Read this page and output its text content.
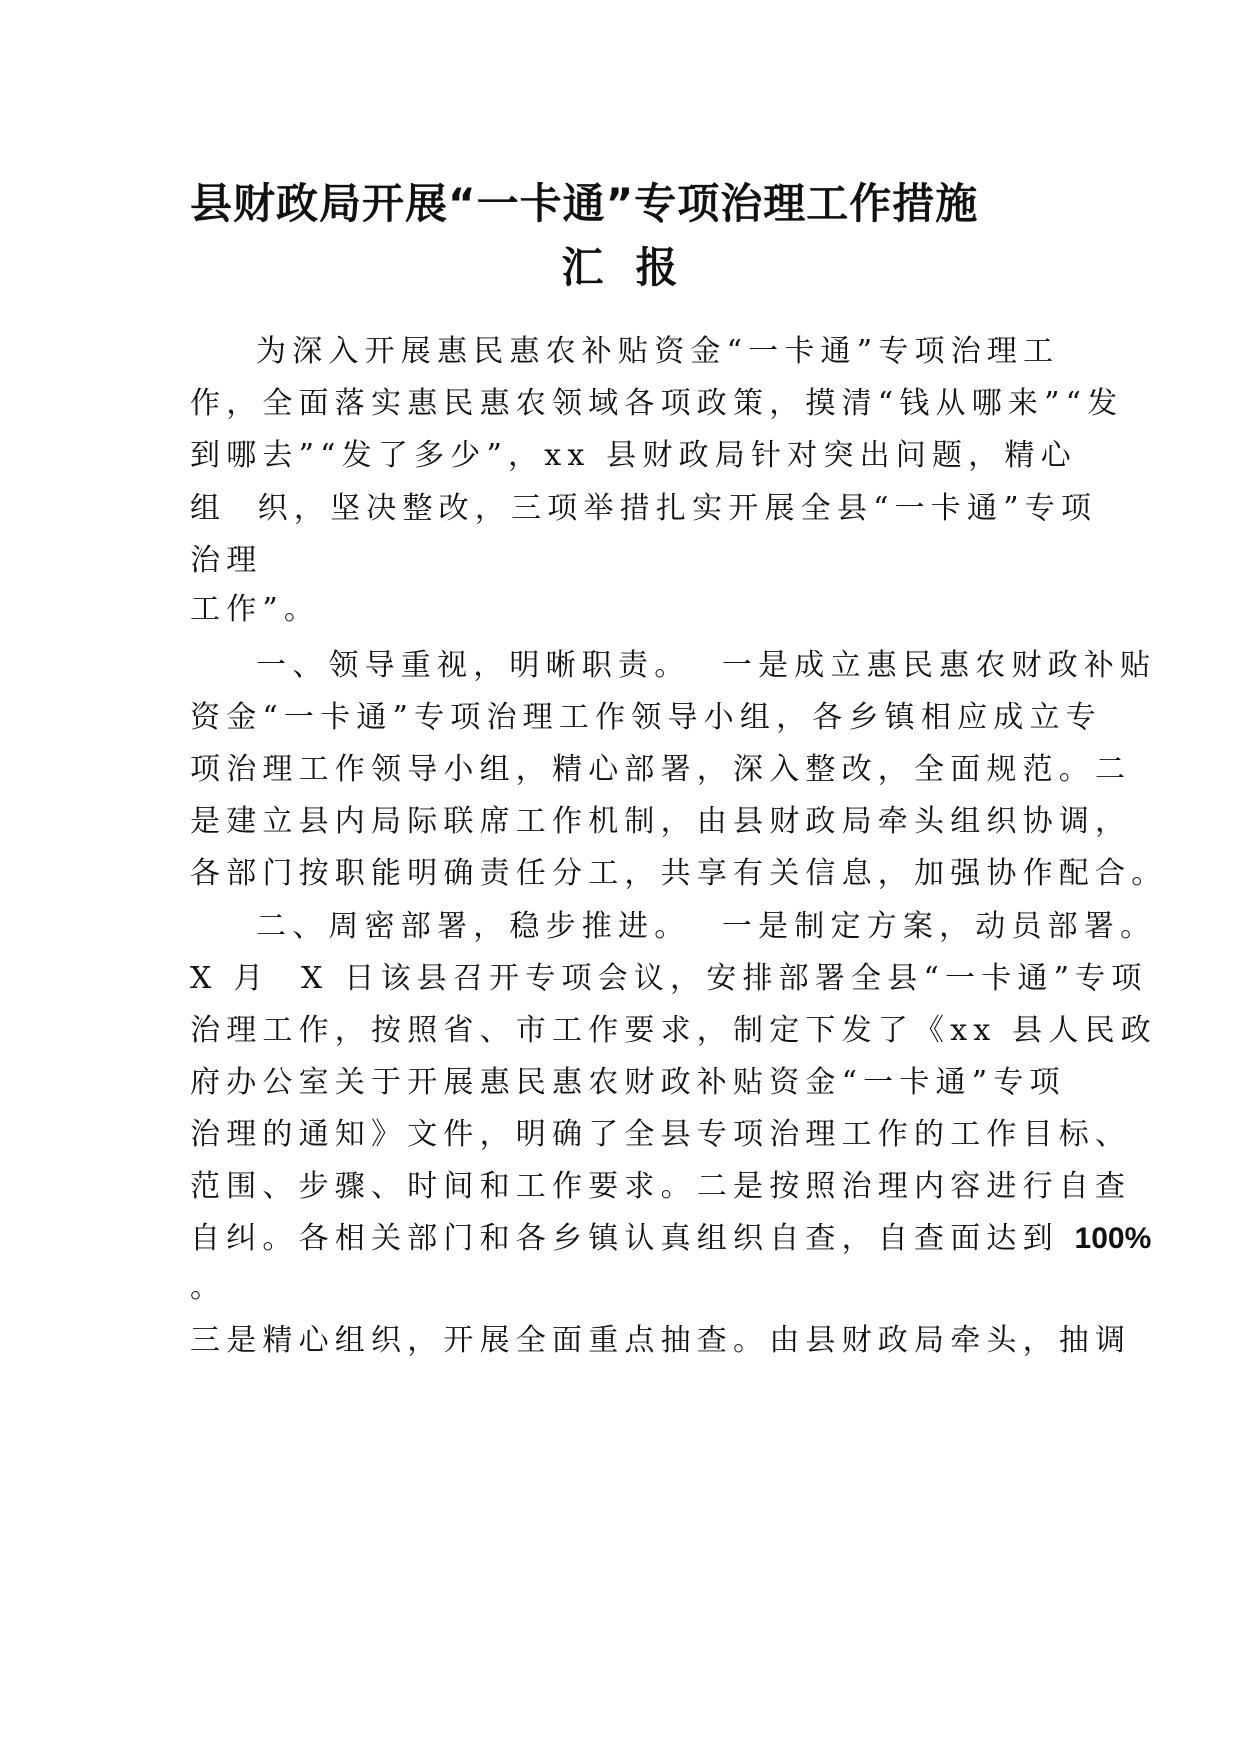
县财政局开展“一卡通”专项治理工作措施
汇  报

为深入开展惠民惠农补贴资金“一卡通”专项治理工

作，全面落实惠民惠农领域各项政策，摸清“钱从哪来”“发

到哪去”“发了多少”，xx 县财政局针对突出问题，精心

组  织，坚决整改，三项举措扎实开展全县“一卡通”专项

治理

工作”。

一、领导重视，明晰职责。  一是成立惠民惠农财政补贴

资金“一卡通”专项治理工作领导小组，各乡镇相应成立专

项治理工作领导小组，精心部署，深入整改，全面规范。二

是建立县内局际联席工作机制，由县财政局牵头组织协调，

各部门按职能明确责任分工，共享有关信息，加强协作配合。

二、周密部署，稳步推进。  一是制定方案，动员部署。

X 月  X 日该县召开专项会议，安排部署全县“一卡通”专项

治理工作，按照省、市工作要求，制定下发了《xx 县人民政

府办公室关于开展惠民惠农财政补贴资金“一卡通”专项

治理的通知》文件，明确了全县专项治理工作的工作目标、

范围、步骤、时间和工作要求。二是按照治理内容进行自查

自纠。各相关部门和各乡镇认真组织自查，自查面达到 100%

。

三是精心组织，开展全面重点抽查。由县财政局牵头，抽调
